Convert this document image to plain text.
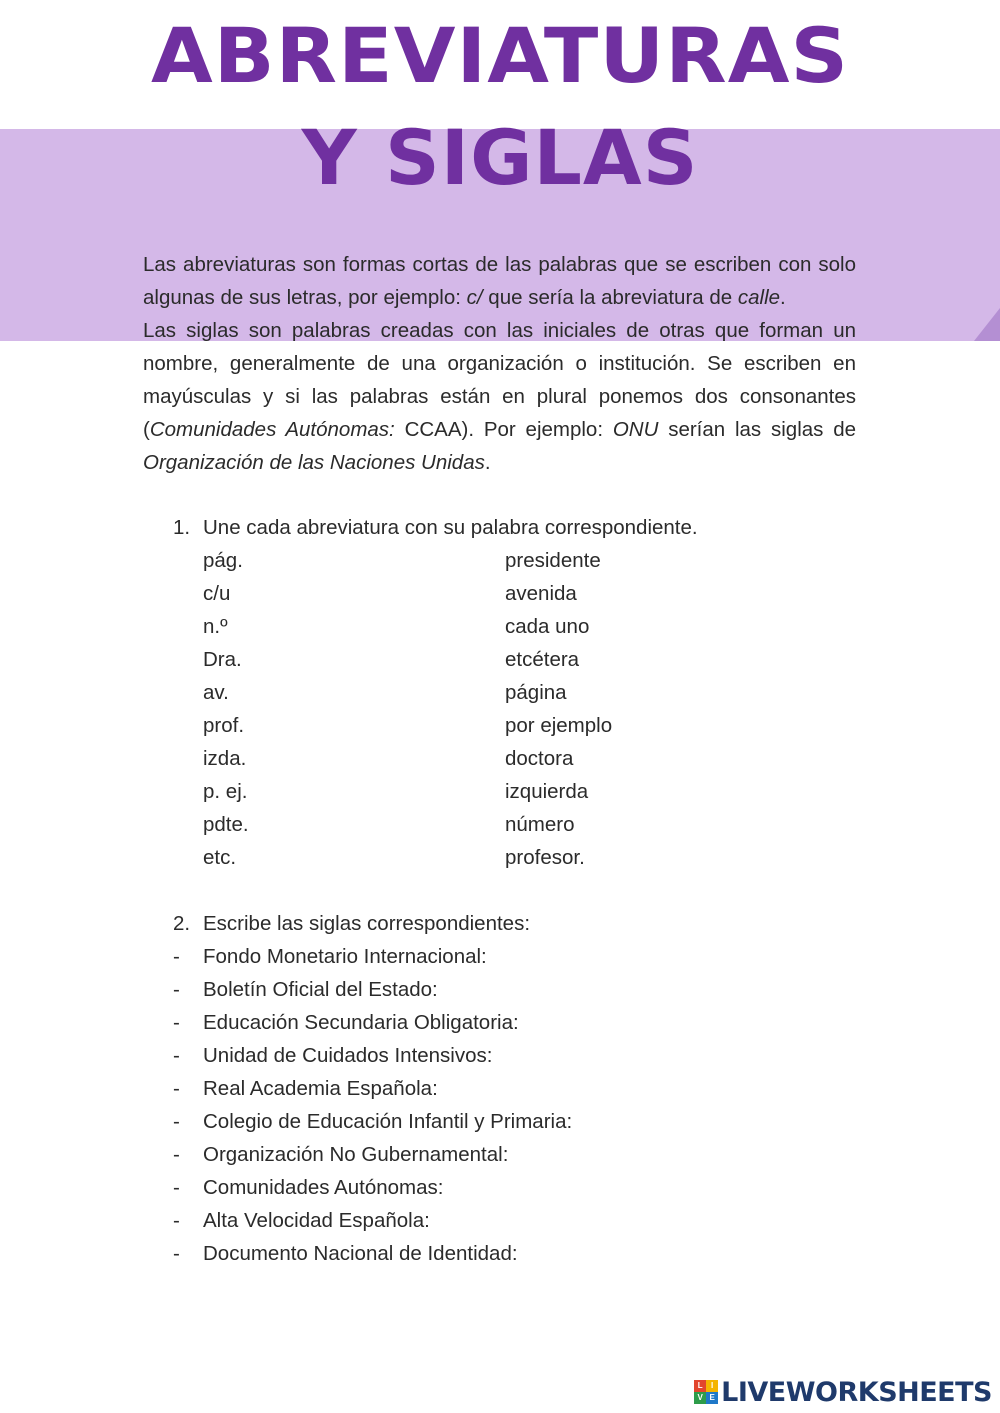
ABREVIATURAS
Y SIGLAS

Las abreviaturas son formas cortas de las palabras que se escriben con solo algunas de sus letras, por ejemplo: c/ que sería la abreviatura de calle.

Las siglas son palabras creadas con las iniciales de otras que forman un nombre, generalmente de una organización o institución. Se escriben en mayúsculas y si las palabras están en plural ponemos dos consonantes (Comunidades Autónomas: CCAA). Por ejemplo: ONU serían las siglas de Organización de las Naciones Unidas.

1. Une cada abreviatura con su palabra correspondiente.
pág.	presidente
c/u	avenida
n.º	cada uno
Dra.	etcétera
av.	página
prof.	por ejemplo
izda.	doctora
p. ej.	izquierda
pdte.	número
etc.	profesor.
2. Escribe las siglas correspondientes:
- Fondo Monetario Internacional:
- Boletín Oficial del Estado:
- Educación Secundaria Obligatoria:
- Unidad de Cuidados Intensivos:
- Real Academia Española:
- Colegio de Educación Infantil y Primaria:
- Organización No Gubernamental:
- Comunidades Autónomas:
- Alta Velocidad Española:
- Documento Nacional de Identidad:
L	I
V E LIVEWORKSHEETS
